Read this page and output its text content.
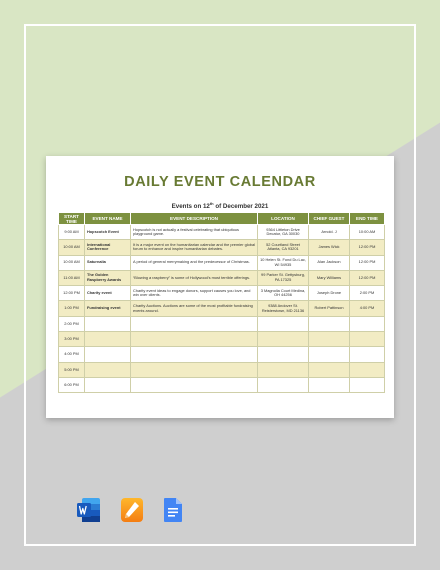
DAILY EVENT CALENDAR
Events on 12th of December 2021
START TIME	EVENT NAME	EVENT DESCRIPTION	LOCATION	CHIEF GUEST	END TIME
9:00 AM	Hopscotch Event	Hopscotch is not actually a festival celebrating that ubiquitous playground game.	9364 Littleton Drive Decatur, GA 30030	Arnold. J	10:00 AM
10:00 AM	International Conference	It is a major event on the humanitarian calendar and the premier global forum to enhance and inspire humanitarian debates.	52 Courtland Street Atlanta, CA 93201	James Wick	12:00 PM
10:00 AM	Saturnalia	A period of general merrymaking and the predecessor of Christmas.	10 Helen St. Fond Du Lac, WI 54935	Alan Jackson	12:00 PM
11:00 AM	The Golden Raspberry Awards	“Blowing a raspberry” is some of Hollywood’s most terrible offerings.	99 Parker St. Gettysburg, PA 17325	Mary Williams	12:00 PM
12:00 PM	Charity event	Charity event ideas to engage donors, support causes you love, and win over clients.	3 Magnolia Court Medina, OH 44256	Joseph Drone	2:00 PM
1:00 PM	Fundraising event	Charity Auctions. Auctions are some of the most profitable fundraising events around.	9388 Andover St. Reisterstown, MD 21136	Robert Pattinson	4:00 PM
2:00 PM					
3:00 PM					
4:00 PM					
5:00 PM					
6:00 PM					
